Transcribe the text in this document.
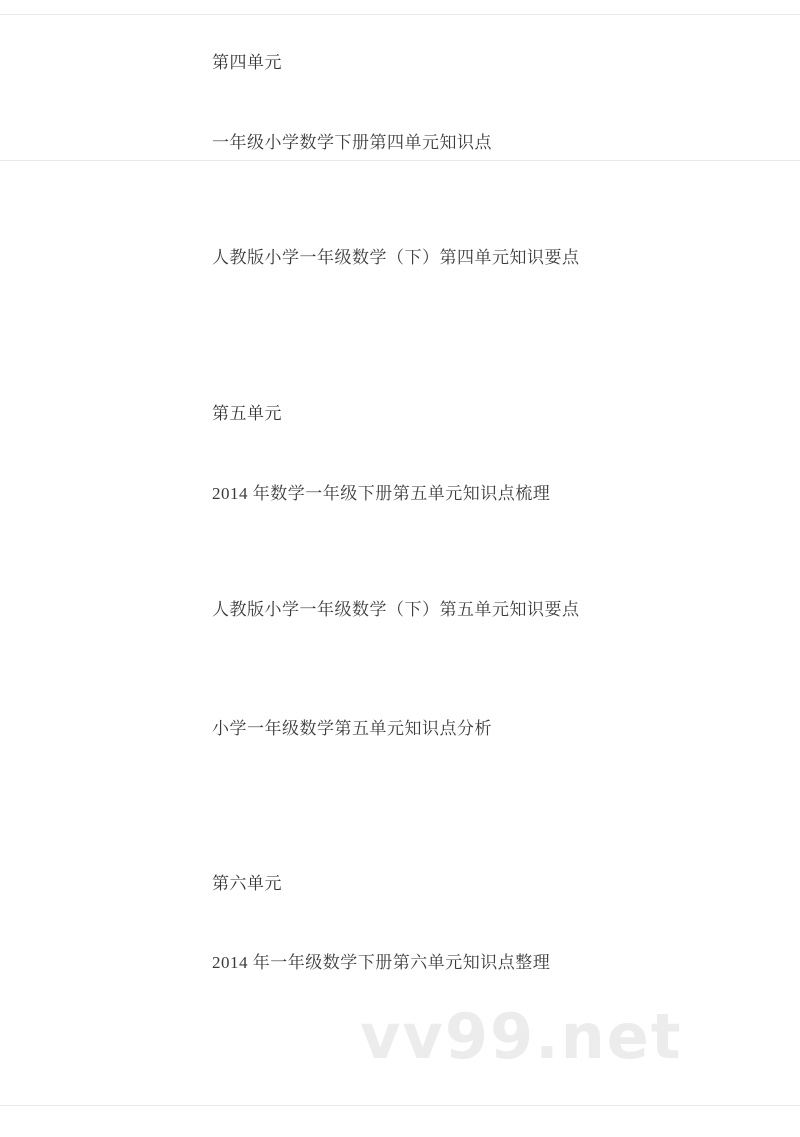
第四单元
一年级小学数学下册第四单元知识点
人教版小学一年级数学（下）第四单元知识要点
第五单元
2014 年数学一年级下册第五单元知识点梳理
人教版小学一年级数学（下）第五单元知识要点
小学一年级数学第五单元知识点分析
第六单元
2014 年一年级数学下册第六单元知识点整理
vv99.net
